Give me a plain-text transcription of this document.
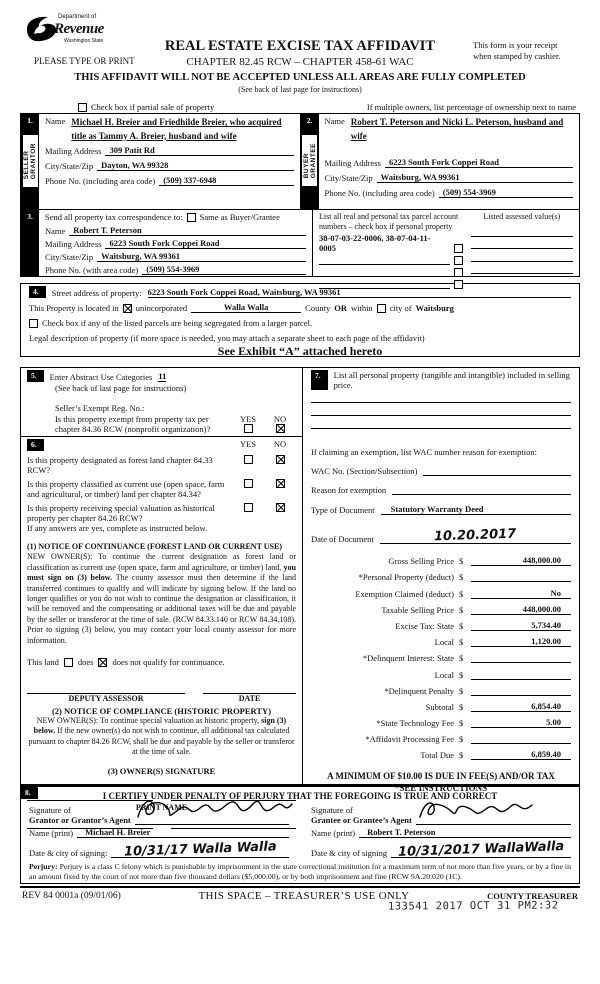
Department of
Revenue
Washington State
PLEASE TYPE OR PRINT
REAL ESTATE EXCISE TAX AFFIDAVIT
CHAPTER 82.45 RCW – CHAPTER 458-61 WAC
This form is your receipt when stamped by cashier.
THIS AFFIDAVIT WILL NOT BE ACCEPTED UNLESS ALL AREAS ARE FULLY COMPLETED
(See back of last page for instructions)
Check box if partial sale of property	If multiple owners, list percentage of ownership next to name
1.
SELLER GRANTOR
Name Michael H. Breier and Friedhilde Breier, who acquired title as Tammy A. Breier, husband and wife
Mailing Address 309 Patit Rd
City/State/Zip Dayton, WA 99328
Phone No. (including area code) (509) 337-6948
2.
BUYER GRANTEE
Name Robert T. Peterson and Nicki L. Peterson, husband and wife
Mailing Address 6223 South Fork Coppei Road
City/State/Zip Waitsburg, WA 99361
Phone No. (including area code) (509) 554-3969
3. Send all property tax correspondence to: Same as Buyer/Grantee
Name Robert T. Peterson
Mailing Address 6223 South Fork Coppei Road
City/State/Zip Waitsburg, WA 99361
Phone No. (with area code) (509) 554-3969
List all real and personal tax parcel account numbers – check box if personal property
38-07-03-22-0006, 38-07-04-11-0005
Listed assessed value(s)
4.	Street address of property: 6223 South Fork Coppei Road, Waitsburg, WA 99361
This Property is located in unincorporated	Walla Walla	County OR within city of Waitsburg
Check box if any of the listed parcels are being segregated from a larger parcel.
Legal description of property (if more space is needed, you may attach a separate sheet to each page of the affidavit)
See Exhibit “A” attached hereto
5.	Enter Abstract Use Categories 11
(See back of last page for instructions)
Seller’s Exempt Reg. No.:
Is this property exempt from property tax per chapter 84.36 RCW (nonprofit organization)?
YES	NO
6.	YES	NO
Is this property designated as forest land chapter 84.33 RCW?
Is this property classified as current use (open space, farm and agricultural, or timber) land per chapter 84.34?
Is this property receiving special valuation as historical property per chapter 84.26 RCW?
If any answers are yes, complete as instructed below.
(1) NOTICE OF CONTINUANCE (FOREST LAND OR CURRENT USE)
NEW OWNER(S): To continue the current designation as forest land or classification as current use (open space, farm and agriculture, or timber) land, you must sign on (3) below. The county assessor must then determine if the land transferred continues to qualify and will indicate by signing below. If the land no longer qualifies or you do not wish to continue the designation or classification, it will be removed and the compensating or additional taxes will be due and payable by the seller or transferor at the time of sale. (RCW 84.33.140 or RCW 84.34.108). Prior to signing (3) below, you may contact your local county assessor for more information.
This land does does not qualify for continuance.
DEPUTY ASSESSOR	DATE
(2) NOTICE OF COMPLIANCE (HISTORIC PROPERTY)
NEW OWNER(S): To continue special valuation as historic property, sign (3) below. If the new owner(s) do not wish to continue, all additional tax calculated pursuant to chapter 84.26 RCW, shall be due and payable by the seller or transferor at the time of sale.
(3) OWNER(S) SIGNATURE
PRINT NAME
7.	List all personal property (tangible and intangible) included in selling price.
If claiming an exemption, list WAC number reason for exemption:
WAC No. (Section/Subsection)
Reason for exemption
Type of Document	Statutory Warranty Deed
Date of Document	10.20.2017
Gross Selling Price $	448,000.00
*Personal Property (deduct) $
Exemption Claimed (deduct) $	No
Taxable Selling Price $	448,000.00
Excise Tax: State $	5,734.40
Local $	1,120.00
*Delinquent Interest: State $
Local $
*Delinquent Penalty $
Subtotal $	6,854.40
*State Technology Fee $	5.00
*Affidavit Processing Fee $
Total Due $	6,859.40
A MINIMUM OF $10.00 IS DUE IN FEE(S) AND/OR TAX
*SEE INSTRUCTIONS
8.	I CERTIFY UNDER PENALTY OF PERJURY THAT THE FOREGOING IS TRUE AND CORRECT
Signature of
Grantor or Grantor’s Agent
Name (print)	Michael H. Breier
Date & city of signing:	10/31/17 Walla Walla
Signature of
Grantee or Grantee’s Agent
Name (print)	Robert T. Peterson
Date & city of signing 10/31/2017 WallaWalla
Perjury: Perjury is a class C felony which is punishable by imprisonment in the state correctional institution for a maximum term of not more than five years, or by a fine in an amount fixed by the court of not more than five thousand dollars ($5,000.00), or by both imprisonment and fine (RCW 9A.20.020 (1C).
REV 84 0001a (09/01/06)	THIS SPACE – TREASURER’S USE ONLY	COUNTY TREASURER
133541 2017 OCT 31 PM2:32
